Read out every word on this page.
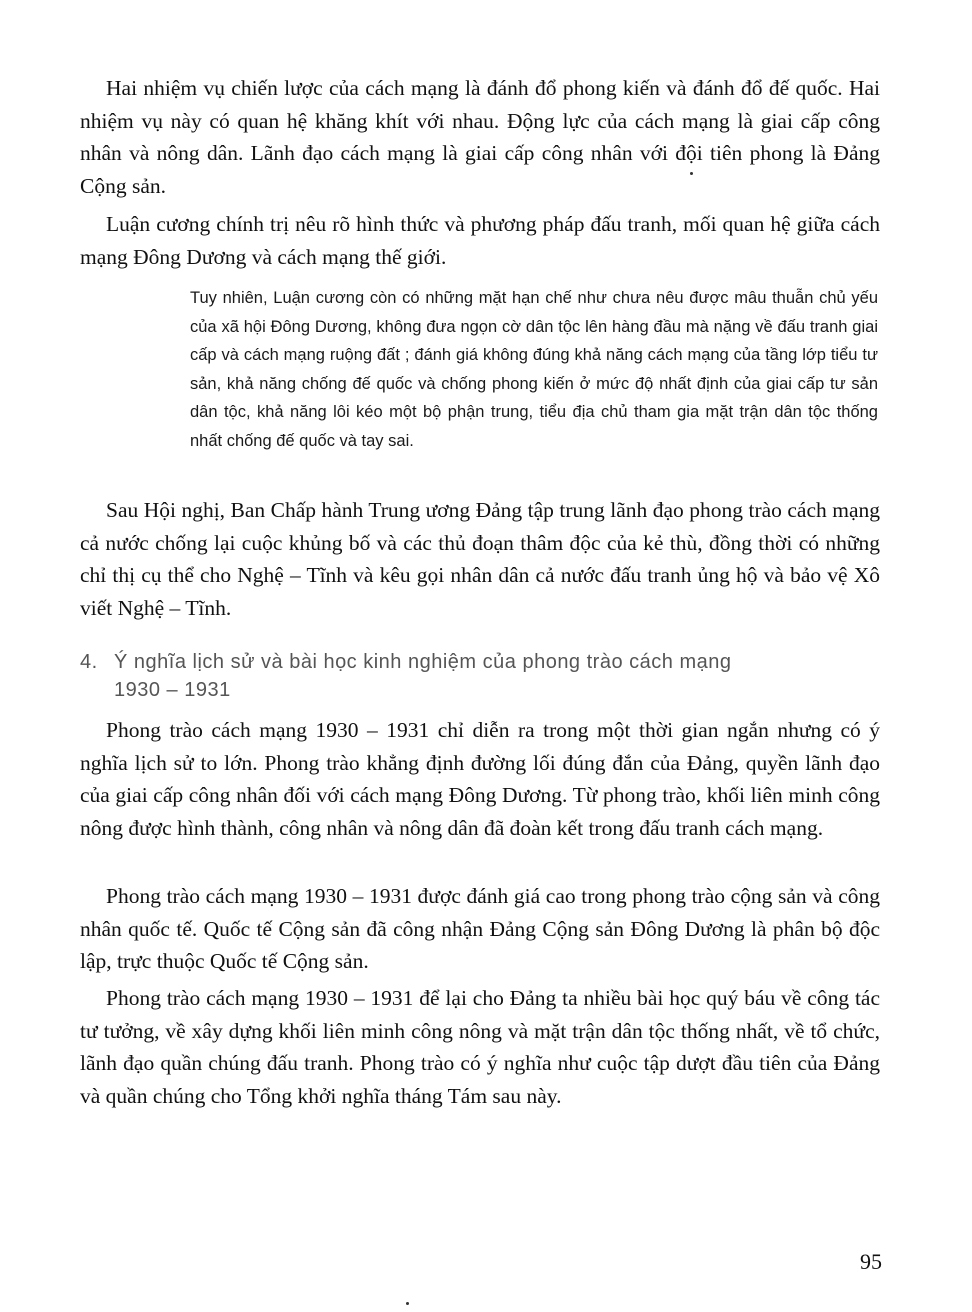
Hai nhiệm vụ chiến lược của cách mạng là đánh đổ phong kiến và đánh đổ đế quốc. Hai nhiệm vụ này có quan hệ khăng khít với nhau. Động lực của cách mạng là giai cấp công nhân và nông dân. Lãnh đạo cách mạng là giai cấp công nhân với đội tiên phong là Đảng Cộng sản.

Luận cương chính trị nêu rõ hình thức và phương pháp đấu tranh, mối quan hệ giữa cách mạng Đông Dương và cách mạng thế giới.

Tuy nhiên, Luận cương còn có những mặt hạn chế như chưa nêu được mâu thuẫn chủ yếu của xã hội Đông Dương, không đưa ngọn cờ dân tộc lên hàng đầu mà nặng về đấu tranh giai cấp và cách mạng ruộng đất ; đánh giá không đúng khả năng cách mạng của tầng lớp tiểu tư sản, khả năng chống đế quốc và chống phong kiến ở mức độ nhất định của giai cấp tư sản dân tộc, khả năng lôi kéo một bộ phận trung, tiểu địa chủ tham gia mặt trận dân tộc thống nhất chống đế quốc và tay sai.

Sau Hội nghị, Ban Chấp hành Trung ương Đảng tập trung lãnh đạo phong trào cách mạng cả nước chống lại cuộc khủng bố và các thủ đoạn thâm độc của kẻ thù, đồng thời có những chỉ thị cụ thể cho Nghệ – Tĩnh và kêu gọi nhân dân cả nước đấu tranh ủng hộ và bảo vệ Xô viết Nghệ – Tĩnh.

4. Ý nghĩa lịch sử và bài học kinh nghiệm của phong trào cách mạng
1930 – 1931

Phong trào cách mạng 1930 – 1931 chỉ diễn ra trong một thời gian ngắn nhưng có ý nghĩa lịch sử to lớn. Phong trào khẳng định đường lối đúng đắn của Đảng, quyền lãnh đạo của giai cấp công nhân đối với cách mạng Đông Dương. Từ phong trào, khối liên minh công nông được hình thành, công nhân và nông dân đã đoàn kết trong đấu tranh cách mạng.

Phong trào cách mạng 1930 – 1931 được đánh giá cao trong phong trào cộng sản và công nhân quốc tế. Quốc tế Cộng sản đã công nhận Đảng Cộng sản Đông Dương là phân bộ độc lập, trực thuộc Quốc tế Cộng sản.

Phong trào cách mạng 1930 – 1931 để lại cho Đảng ta nhiều bài học quý báu về công tác tư tưởng, về xây dựng khối liên minh công nông và mặt trận dân tộc thống nhất, về tổ chức, lãnh đạo quần chúng đấu tranh. Phong trào có ý nghĩa như cuộc tập dượt đầu tiên của Đảng và quần chúng cho Tổng khởi nghĩa tháng Tám sau này.

95
